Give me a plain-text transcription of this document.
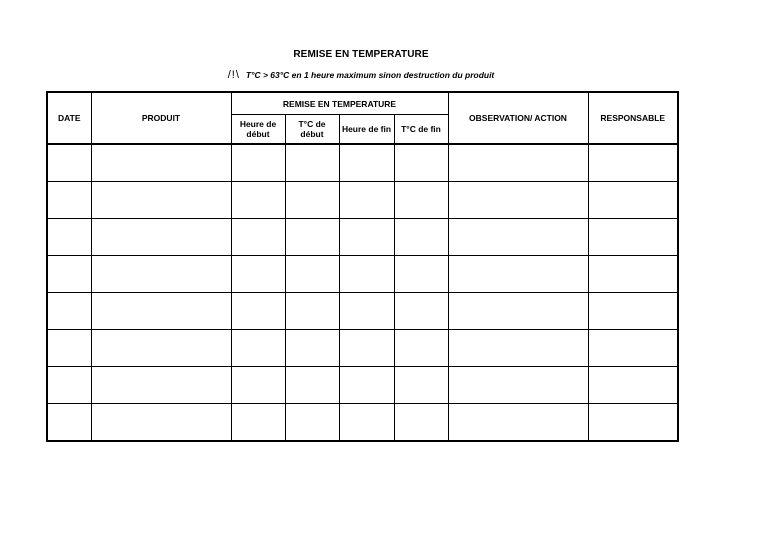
REMISE EN TEMPERATURE
/!\ T°C > 63°C en 1 heure maximum sinon destruction du produit
DATE	PRODUIT	REMISE EN TEMPERATURE				OBSERVATION/ ACTION	RESPONSABLE
		Heure de début	T°C de début	Heure de fin	T°C de fin		
